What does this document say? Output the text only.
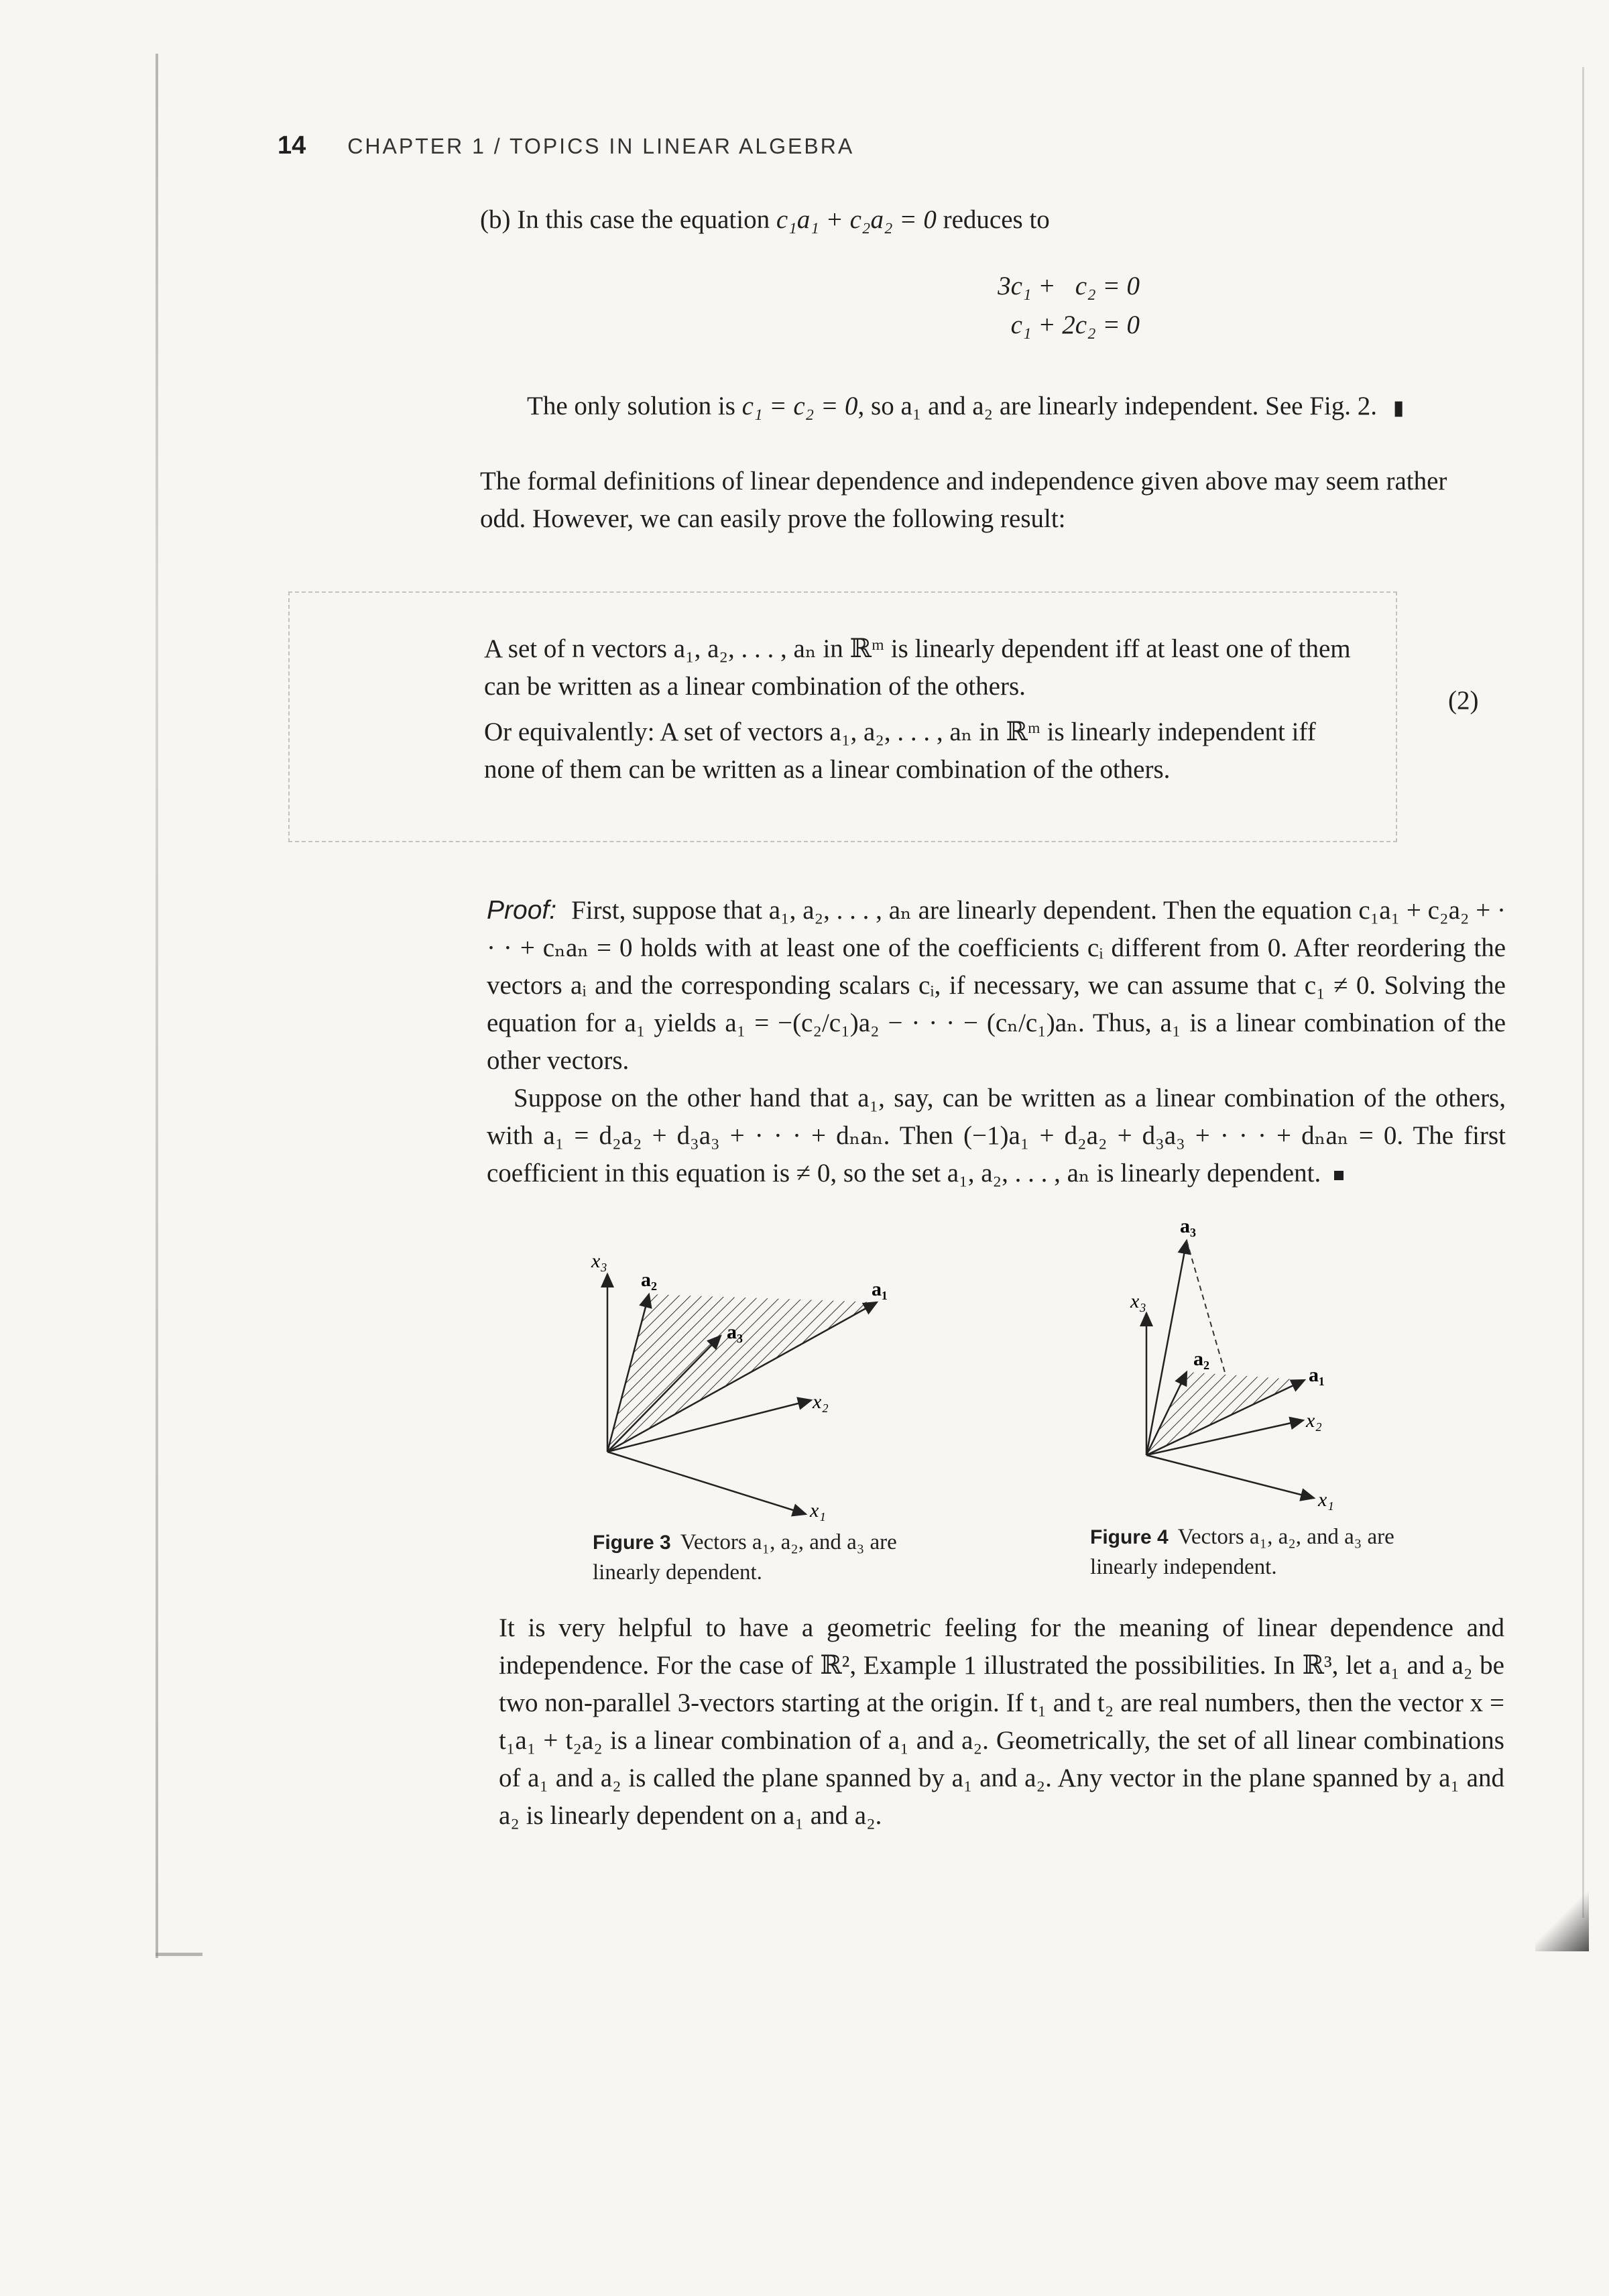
14 CHAPTER 1 / TOPICS IN LINEAR ALGEBRA
(b) In this case the equation c₁a₁ + c₂a₂ = 0 reduces to
3c₁ +   c₂ = 0
c₁ + 2c₂ = 0
The only solution is c₁ = c₂ = 0, so a₁ and a₂ are linearly independent. See Fig. 2. ▮
The formal definitions of linear dependence and independence given above may seem rather odd. However, we can easily prove the following result:
A set of n vectors a₁, a₂, . . . , aₙ in ℝᵐ is linearly dependent iff at least one of them can be written as a linear combination of the others.
Or equivalently: A set of vectors a₁, a₂, . . . , aₙ in ℝᵐ is linearly independent iff none of them can be written as a linear combination of the others.
(2)

Proof: First, suppose that a₁, a₂, . . . , aₙ are linearly dependent. Then the equation c₁a₁ + c₂a₂ + · · · + cₙaₙ = 0 holds with at least one of the coefficients cᵢ different from 0. After reordering the vectors aᵢ and the corresponding scalars cᵢ, if necessary, we can assume that c₁ ≠ 0. Solving the equation for a₁ yields a₁ = −(c₂/c₁)a₂ − · · · − (cₙ/c₁)aₙ. Thus, a₁ is a linear combination of the other vectors.

Suppose on the other hand that a₁, say, can be written as a linear combination of the others, with a₁ = d₂a₂ + d₃a₃ + · · · + dₙaₙ. Then (−1)a₁ + d₂a₂ + d₃a₃ + · · · + dₙaₙ = 0. The first coefficient in this equation is ≠ 0, so the set a₁, a₂, . . . , aₙ is linearly dependent.

x₃
x₂
x₁
a₂	a₁
a₃
a₃
x₃
a₂
a₁
x₂
x₁
Figure 3 Vectors a₁, a₂, and a₃ are linearly dependent.
Figure 4 Vectors a₁, a₂, and a₃ are linearly independent.
It is very helpful to have a geometric feeling for the meaning of linear dependence and independence. For the case of ℝ², Example 1 illustrated the possibilities. In ℝ³, let a₁ and a₂ be two non-parallel 3-vectors starting at the origin. If t₁ and t₂ are real numbers, then the vector x = t₁a₁ + t₂a₂ is a linear combination of a₁ and a₂. Geometrically, the set of all linear combinations of a₁ and a₂ is called the plane spanned by a₁ and a₂. Any vector in the plane spanned by a₁ and a₂ is linearly dependent on a₁ and a₂.
